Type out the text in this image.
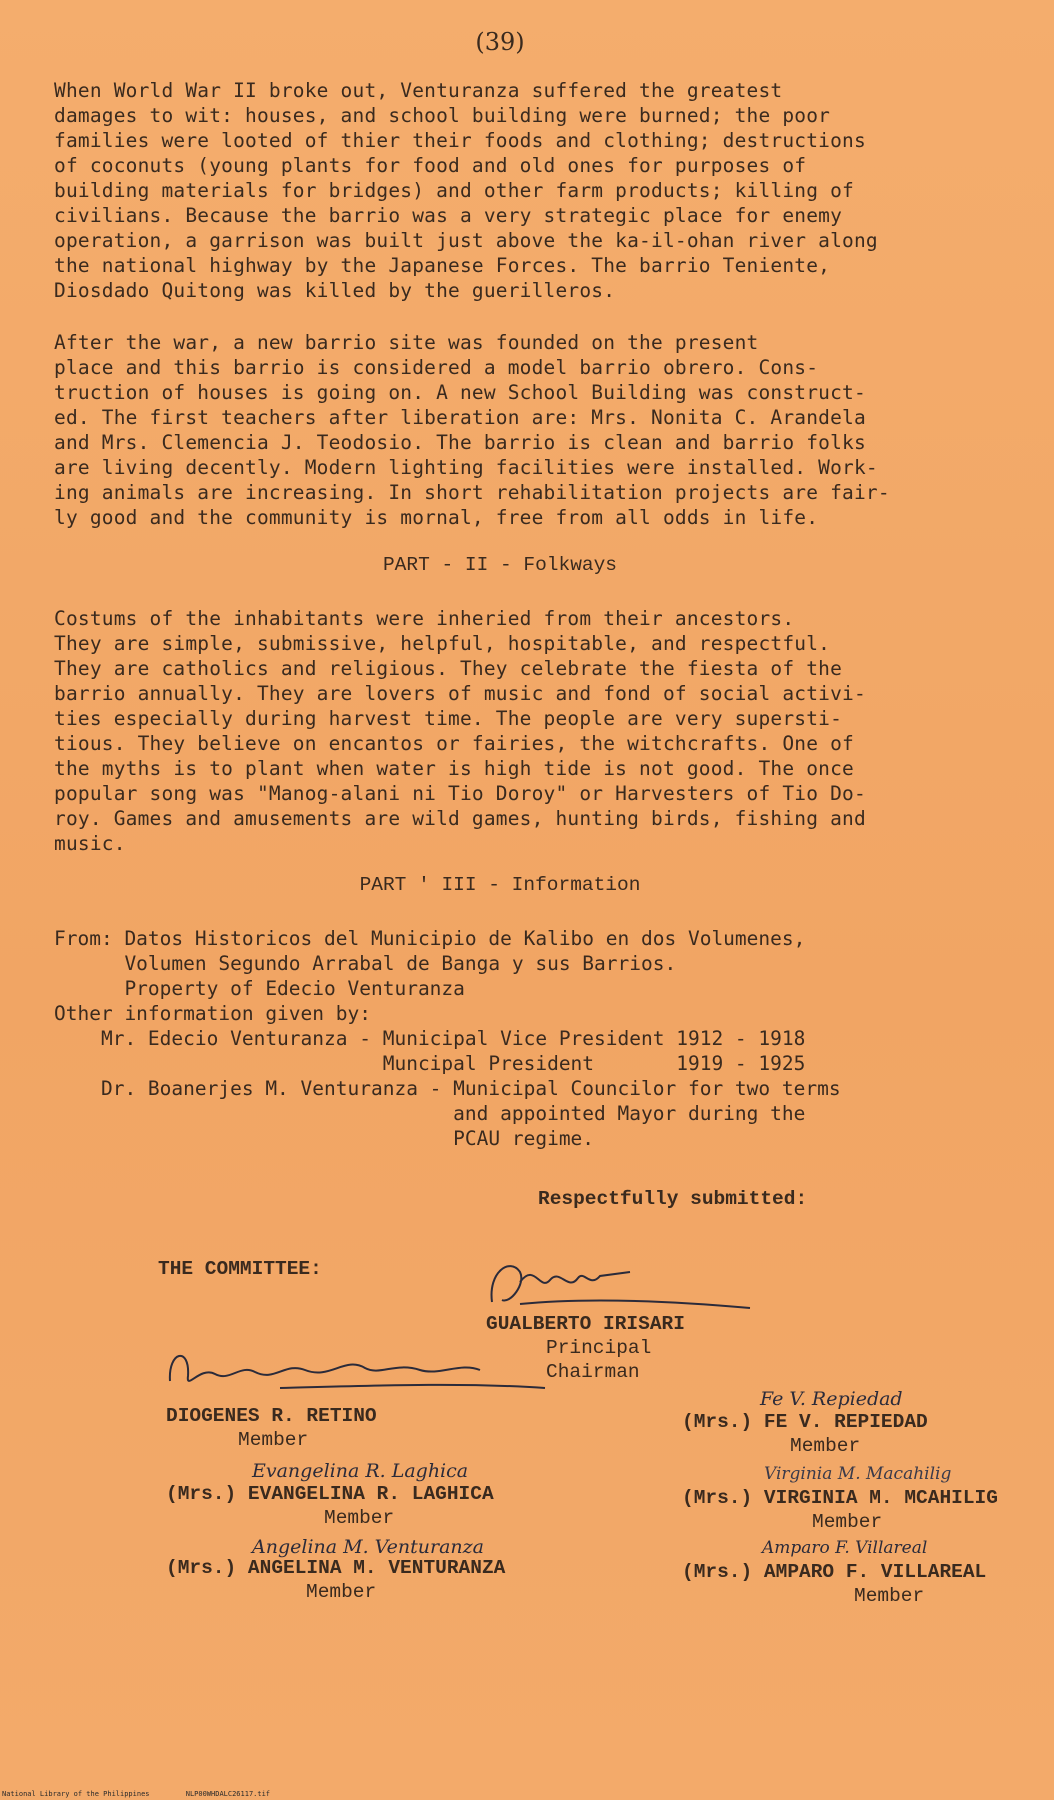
(39)
When World War II broke out, Venturanza suffered the greatest
damages to wit: houses, and school building were burned; the poor
families were looted of thier their foods and clothing; destructions
of coconuts (young plants for food and old ones for purposes of
building materials for bridges) and other farm products; killing of
civilians. Because the barrio was a very strategic place for enemy
operation, a garrison was built just above the ka-il-ohan river along
the national highway by the Japanese Forces. The barrio Teniente,
Diosdado Quitong was killed by the guerilleros.
After the war, a new barrio site was founded on the present
place and this barrio is considered a model barrio obrero. Cons-
truction of houses is going on. A new School Building was construct-
ed. The first teachers after liberation are: Mrs. Nonita C. Arandela
and Mrs. Clemencia J. Teodosio. The barrio is clean and barrio folks
are living decently. Modern lighting facilities were installed. Work-
ing animals are increasing. In short rehabilitation projects are fair-
ly good and the community is mornal, free from all odds in life.
PART - II - Folkways
Costums of the inhabitants were inheried from their ancestors.
They are simple, submissive, helpful, hospitable, and respectful.
They are catholics and religious. They celebrate the fiesta of the
barrio annually. They are lovers of music and fond of social activi-
ties especially during harvest time. The people are very supersti-
tious. They believe on encantos or fairies, the witchcrafts. One of
the myths is to plant when water is high tide is not good. The once
popular song was "Manog-alani ni Tio Doroy" or Harvesters of Tio Do-
roy. Games and amusements are wild games, hunting birds, fishing and
music.
PART ' III - Information
From: Datos Historicos del Municipio de Kalibo en dos Volumenes,
Volumen Segundo Arrabal de Banga y sus Barrios.
Property of Edecio Venturanza
Other information given by:
Mr. Edecio Venturanza - Municipal Vice President 1912 - 1918
Muncipal President       1919 - 1925
Dr. Boanerjes M. Venturanza - Municipal Councilor for two terms
and appointed Mayor during the
PCAU regime.
Respectfully submitted:
THE COMMITTEE:
GUALBERTO IRISARI
Principal
Chairman
DIOGENES R. RETINO
Member
(Mrs.) EVANGELINA R. LAGHICA
Member
(Mrs.) ANGELINA M. VENTURANZA
Member
(Mrs.) FE V. REPIEDAD
Member
(Mrs.) VIRGINIA M. MCAHILIG
Member
(Mrs.) AMPARO F. VILLAREAL
Member
Fe V. Repiedad
Virginia M. Macahilig
Amparo F. Villareal
Evangelina R. Laghica
Angelina M. Venturanza
National Library of the Philippines	NLP00WHDALC26117.tif
